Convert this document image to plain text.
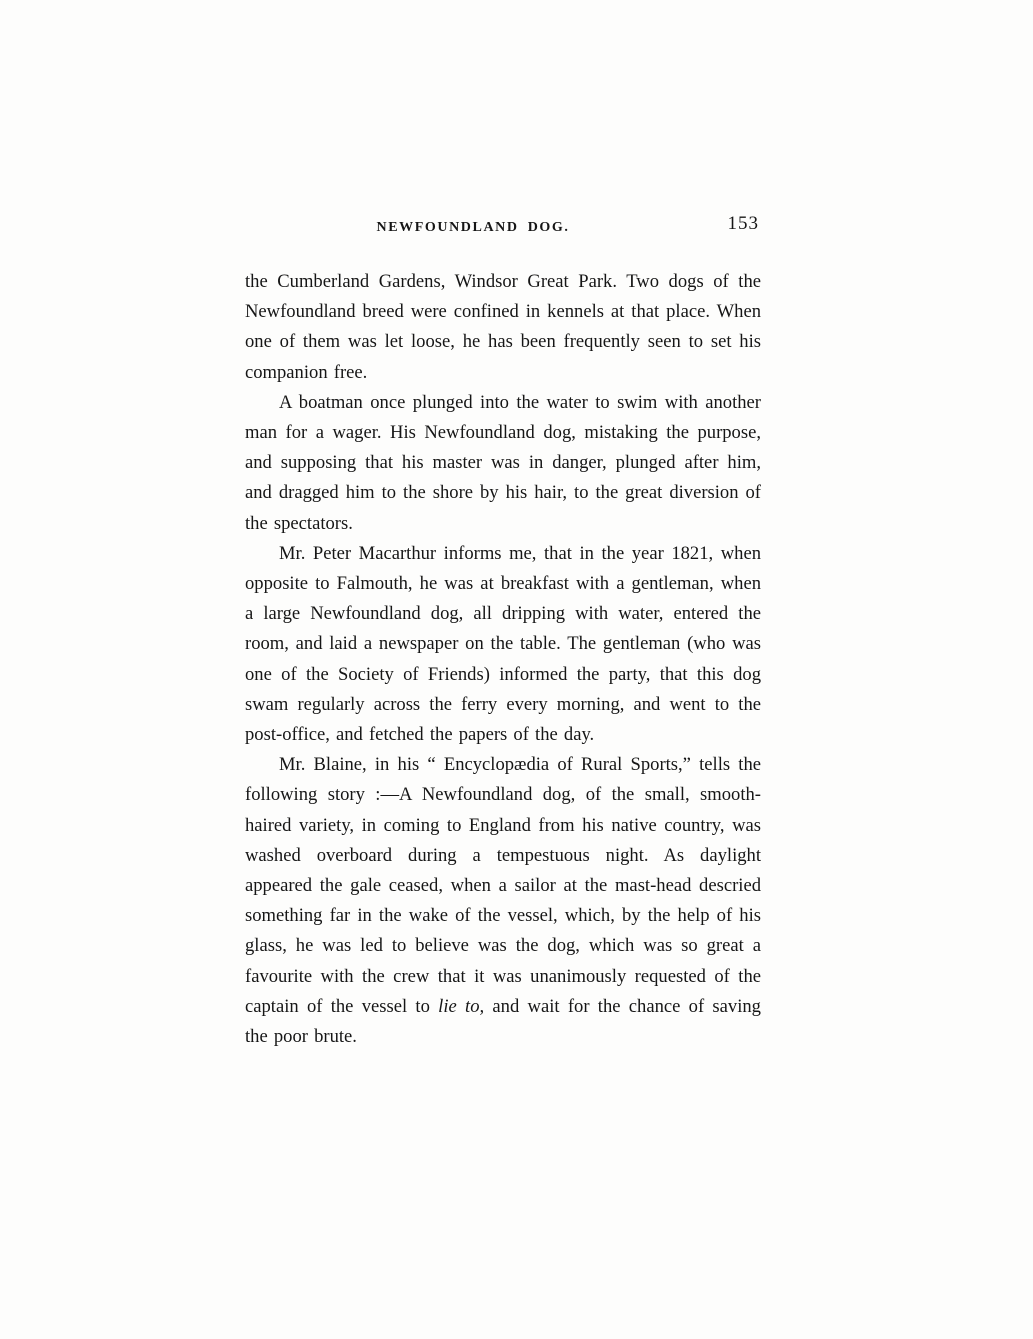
NEWFOUNDLAND DOG.	153

the Cumberland Gardens, Windsor Great Park. Two dogs of the Newfoundland breed were confined in kennels at that place. When one of them was let loose, he has been frequently seen to set his companion free.

A boatman once plunged into the water to swim with another man for a wager. His Newfoundland dog, mistaking the purpose, and supposing that his master was in danger, plunged after him, and dragged him to the shore by his hair, to the great diversion of the spectators.

Mr. Peter Macarthur informs me, that in the year 1821, when opposite to Falmouth, he was at breakfast with a gentleman, when a large Newfoundland dog, all dripping with water, entered the room, and laid a newspaper on the table. The gentleman (who was one of the Society of Friends) informed the party, that this dog swam regularly across the ferry every morning, and went to the post-office, and fetched the papers of the day.

Mr. Blaine, in his “ Encyclopædia of Rural Sports,” tells the following story :—A Newfoundland dog, of the small, smooth-haired variety, in coming to England from his native country, was washed overboard during a tempestuous night. As daylight appeared the gale ceased, when a sailor at the mast-head descried something far in the wake of the vessel, which, by the help of his glass, he was led to believe was the dog, which was so great a favourite with the crew that it was unanimously requested of the captain of the vessel to lie to, and wait for the chance of saving the poor brute.
